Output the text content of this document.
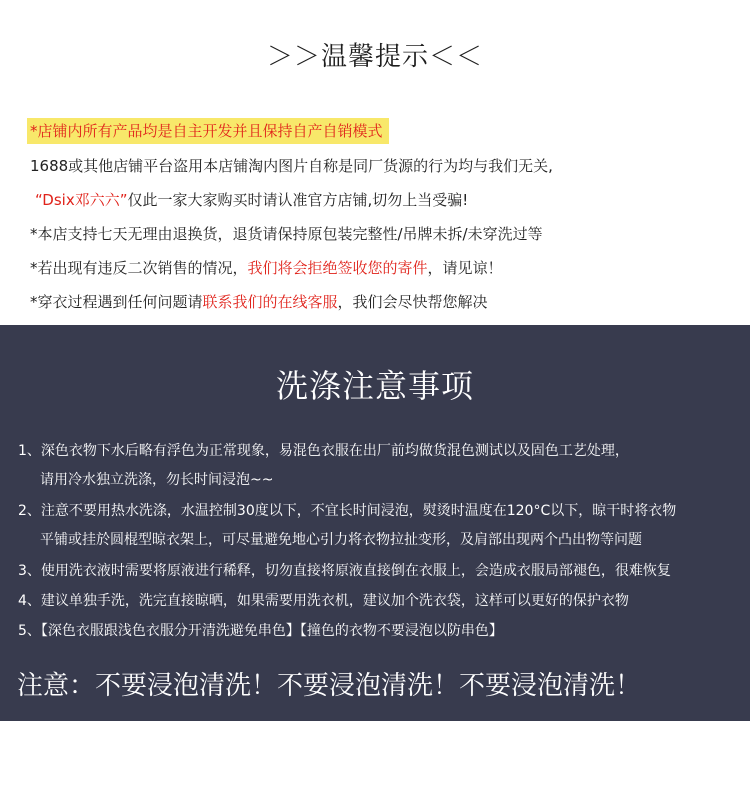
＞＞温馨提示＜＜
*店铺内所有产品均是自主开发并且保持自产自销模式
1688或其他店铺平台盗用本店铺淘内图片自称是同厂货源的行为均与我们无关,
“Dsix邓六六”仅此一家大家购买时请认准官方店铺,切勿上当受骗!
*本店支持七天无理由退换货，退货请保持原包装完整性/吊牌未拆/未穿洗过等
*若出现有违反二次销售的情况，我们将会拒绝签收您的寄件，请见谅！
*穿衣过程遇到任何问题请联系我们的在线客服，我们会尽快帮您解决
洗涤注意事项
1、深色衣物下水后略有浮色为正常现象，易混色衣服在出厂前均做货混色测试以及固色工艺处理，
请用冷水独立洗涤，勿长时间浸泡~~
2、注意不要用热水洗涤，水温控制30度以下，不宜长时间浸泡，熨烫时温度在120°C以下，晾干时将衣物
平铺或挂於圆棍型晾衣架上，可尽量避免地心引力将衣物拉扯变形，及肩部出现两个凸出物等问题
3、使用洗衣液时需要将原液进行稀释，切勿直接将原液直接倒在衣服上，会造成衣服局部褪色，很难恢复
4、建议单独手洗，洗完直接晾晒，如果需要用洗衣机，建议加个洗衣袋，这样可以更好的保护衣物
5、【深色衣服跟浅色衣服分开清洗避免串色】【撞色的衣物不要浸泡以防串色】
注意：不要浸泡清洗！不要浸泡清洗！不要浸泡清洗！
